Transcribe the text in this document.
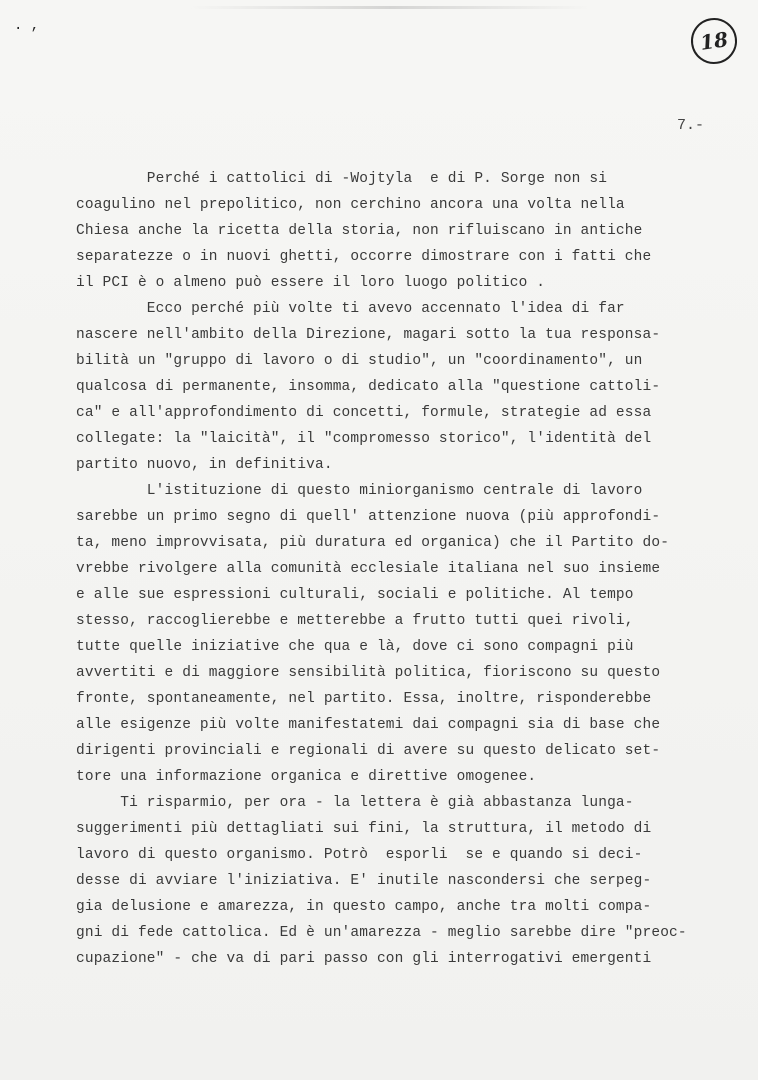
. ,
18
7.-
Perché i cattolici di -Wojtyla  e di P. Sorge non si
coagulino nel prepolitico, non cerchino ancora una volta nella
Chiesa anche la ricetta della storia, non rifluiscano in antiche
separatezze o in nuovi ghetti, occorre dimostrare con i fatti che
il PCI è o almeno può essere il loro luogo politico .
Ecco perché più volte ti avevo accennato l'idea di far
nascere nell'ambito della Direzione, magari sotto la tua responsa-
bilità un "gruppo di lavoro o di studio", un "coordinamento", un
qualcosa di permanente, insomma, dedicato alla "questione cattoli-
ca" e all'approfondimento di concetti, formule, strategie ad essa
collegate: la "laicità", il "compromesso storico", l'identità del
partito nuovo, in definitiva.
L'istituzione di questo miniorganismo centrale di lavoro
sarebbe un primo segno di quell' attenzione nuova (più approfondi-
ta, meno improvvisata, più duratura ed organica) che il Partito do-
vrebbe rivolgere alla comunità ecclesiale italiana nel suo insieme
e alle sue espressioni culturali, sociali e politiche. Al tempo
stesso, raccoglierebbe e metterebbe a frutto tutti quei rivoli,
tutte quelle iniziative che qua e là, dove ci sono compagni più
avvertiti e di maggiore sensibilità politica, fioriscono su questo
fronte, spontaneamente, nel partito. Essa, inoltre, risponderebbe
alle esigenze più volte manifestatemi dai compagni sia di base che
dirigenti provinciali e regionali di avere su questo delicato set-
tore una informazione organica e direttive omogenee.
Ti risparmio, per ora - la lettera è già abbastanza lunga-
suggerimenti più dettagliati sui fini, la struttura, il metodo di
lavoro di questo organismo. Potrò  esporli  se e quando si deci-
desse di avviare l'iniziativa. E' inutile nascondersi che serpeg-
gia delusione e amarezza, in questo campo, anche tra molti compa-
gni di fede cattolica. Ed è un'amarezza - meglio sarebbe dire "preoc-
cupazione" - che va di pari passo con gli interrogativi emergenti
